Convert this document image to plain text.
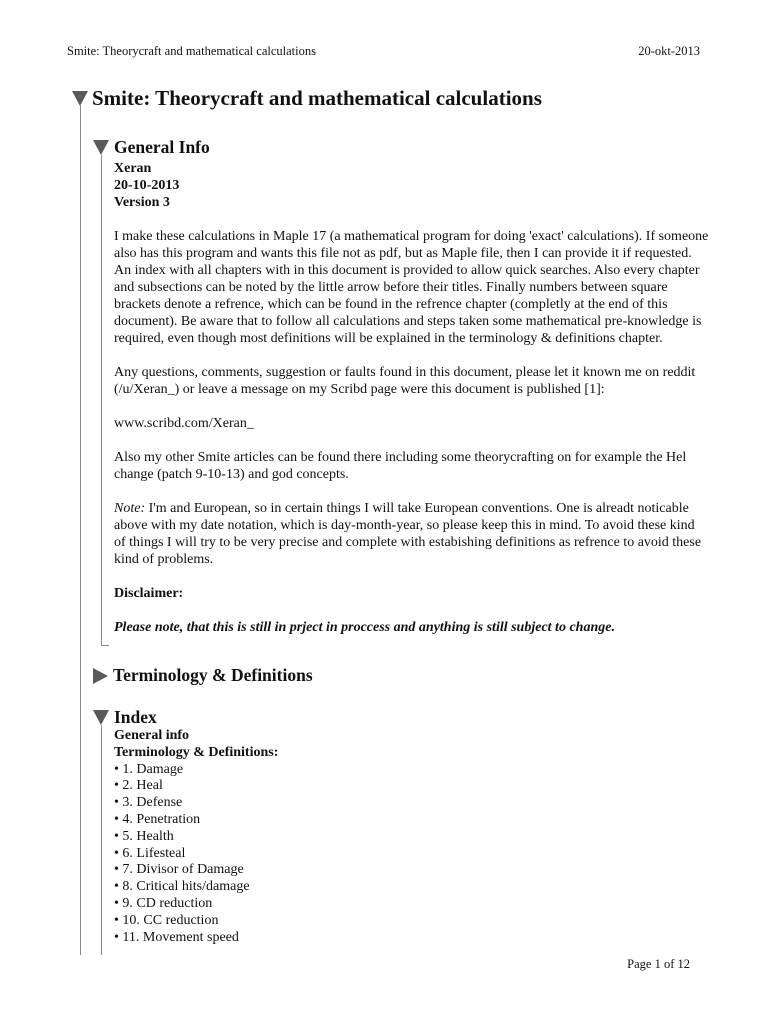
Smite: Theorycraft and mathematical calculations	20-okt-2013
Smite: Theorycraft and mathematical calculations
General Info
Xeran
20-10-2013
Version 3

I make these calculations in Maple 17 (a mathematical program for doing 'exact' calculations). If someone also has this program and wants this file not as pdf, but as Maple file, then I can provide it if requested. An index with all chapters with in this document is provided to allow quick searches. Also every chapter and subsections can be noted by the little arrow before their titles. Finally numbers between square brackets denote a refrence, which can be found in the refrence chapter (completly at the end of this document). Be aware that to follow all calculations and steps taken some mathematical pre-knowledge is required, even though most definitions will be explained in the terminology & definitions chapter.

Any questions, comments, suggestion or faults found in this document, please let it known me on reddit (/u/Xeran_) or leave a message on my Scribd page were this document is published [1]:

www.scribd.com/Xeran_

Also my other Smite articles can be found there including some theorycrafting on for example the Hel change (patch 9-10-13) and god concepts.

Note: I'm and European, so in certain things I will take European conventions. One is alreadt noticable above with my date notation, which is day-month-year, so please keep this in mind. To avoid these kind of things I will try to be very precise and complete with estabishing definitions as refrence to avoid these kind of problems.

Disclaimer:
Please note, that this is still in prject in proccess and anything is still subject to change.
Terminology & Definitions
Index
General info
Terminology & Definitions:
• 1. Damage
• 2. Heal
• 3. Defense
• 4. Penetration
• 5. Health
• 6. Lifesteal
• 7. Divisor of Damage
• 8. Critical hits/damage
• 9. CD reduction
• 10. CC reduction
• 11. Movement speed
Page 1 of 12
